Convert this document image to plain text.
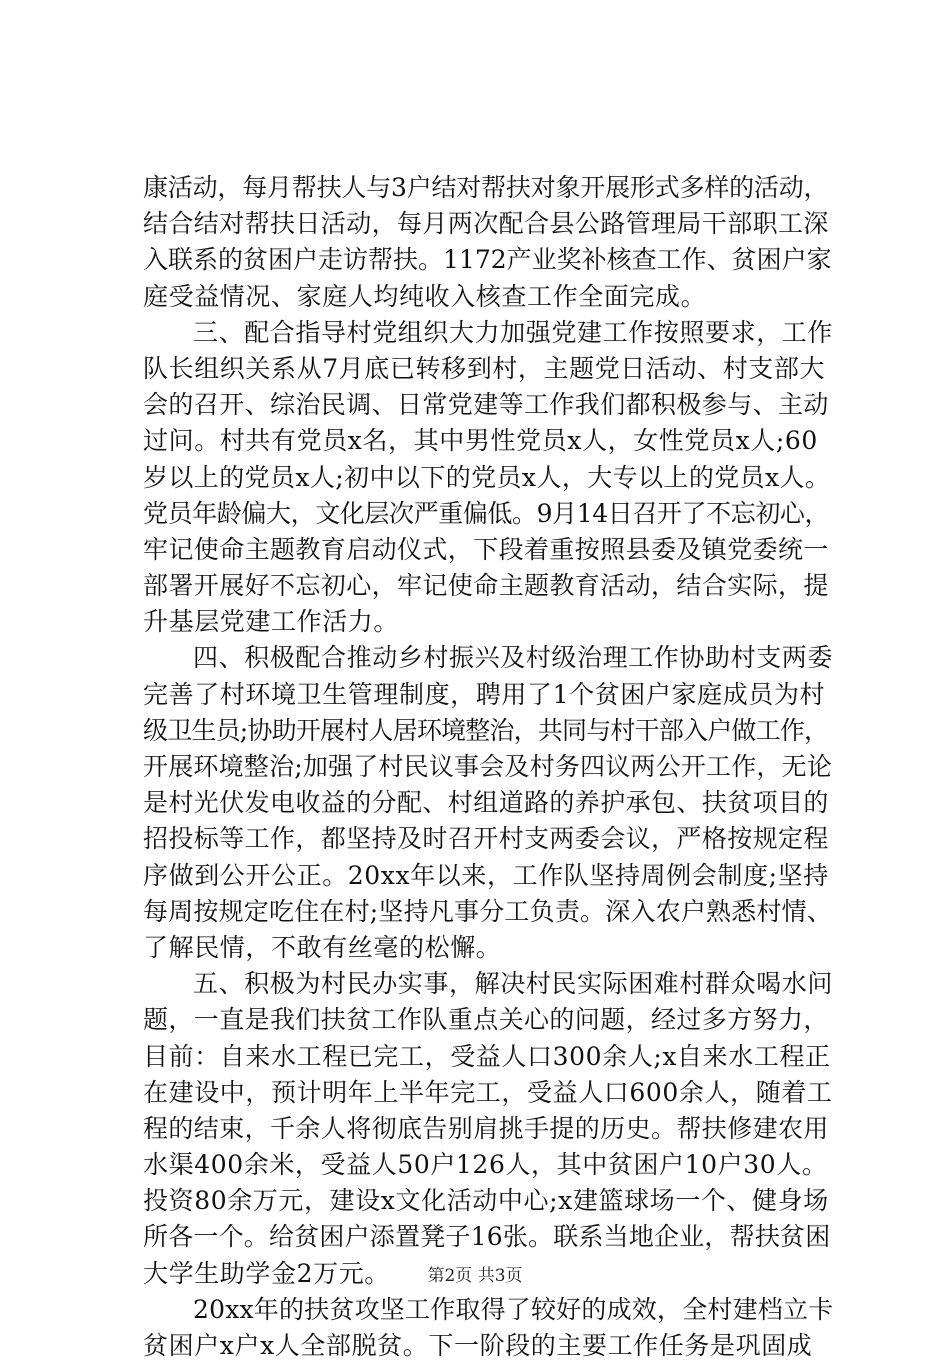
康活动，每月帮扶人与3户结对帮扶对象开展形式多样的活动，
结合结对帮扶日活动，每月两次配合县公路管理局干部职工深
入联系的贫困户走访帮扶。1172产业奖补核查工作、贫困户家
庭受益情况、家庭人均纯收入核查工作全面完成。
三、配合指导村党组织大力加强党建工作按照要求，工作
队长组织关系从7月底已转移到村，主题党日活动、村支部大
会的召开、综治民调、日常党建等工作我们都积极参与、主动
过问。村共有党员x名，其中男性党员x人，女性党员x人;60
岁以上的党员x人;初中以下的党员x人，大专以上的党员x人。
党员年龄偏大，文化层次严重偏低。9月14日召开了不忘初心，
牢记使命主题教育启动仪式，下段着重按照县委及镇党委统一
部署开展好不忘初心，牢记使命主题教育活动，结合实际，提
升基层党建工作活力。
四、积极配合推动乡村振兴及村级治理工作协助村支两委
完善了村环境卫生管理制度，聘用了1个贫困户家庭成员为村
级卫生员;协助开展村人居环境整治，共同与村干部入户做工作，
开展环境整治;加强了村民议事会及村务四议两公开工作，无论
是村光伏发电收益的分配、村组道路的养护承包、扶贫项目的
招投标等工作，都坚持及时召开村支两委会议，严格按规定程
序做到公开公正。20xx年以来，工作队坚持周例会制度;坚持
每周按规定吃住在村;坚持凡事分工负责。深入农户熟悉村情、
了解民情，不敢有丝毫的松懈。
五、积极为村民办实事，解决村民实际困难村群众喝水问
题，一直是我们扶贫工作队重点关心的问题，经过多方努力，
目前：自来水工程已完工，受益人口300余人;x自来水工程正
在建设中，预计明年上半年完工，受益人口600余人，随着工
程的结束，千余人将彻底告别肩挑手提的历史。帮扶修建农用
水渠400余米，受益人50户126人，其中贫困户10户30人。
投资80余万元，建设x文化活动中心;x建篮球场一个、健身场
所各一个。给贫困户添置凳子16张。联系当地企业，帮扶贫困
大学生助学金2万元。
20xx年的扶贫攻坚工作取得了较好的成效，全村建档立卡
贫困户x户x人全部脱贫。下一阶段的主要工作任务是巩固成
第2页 共3页
